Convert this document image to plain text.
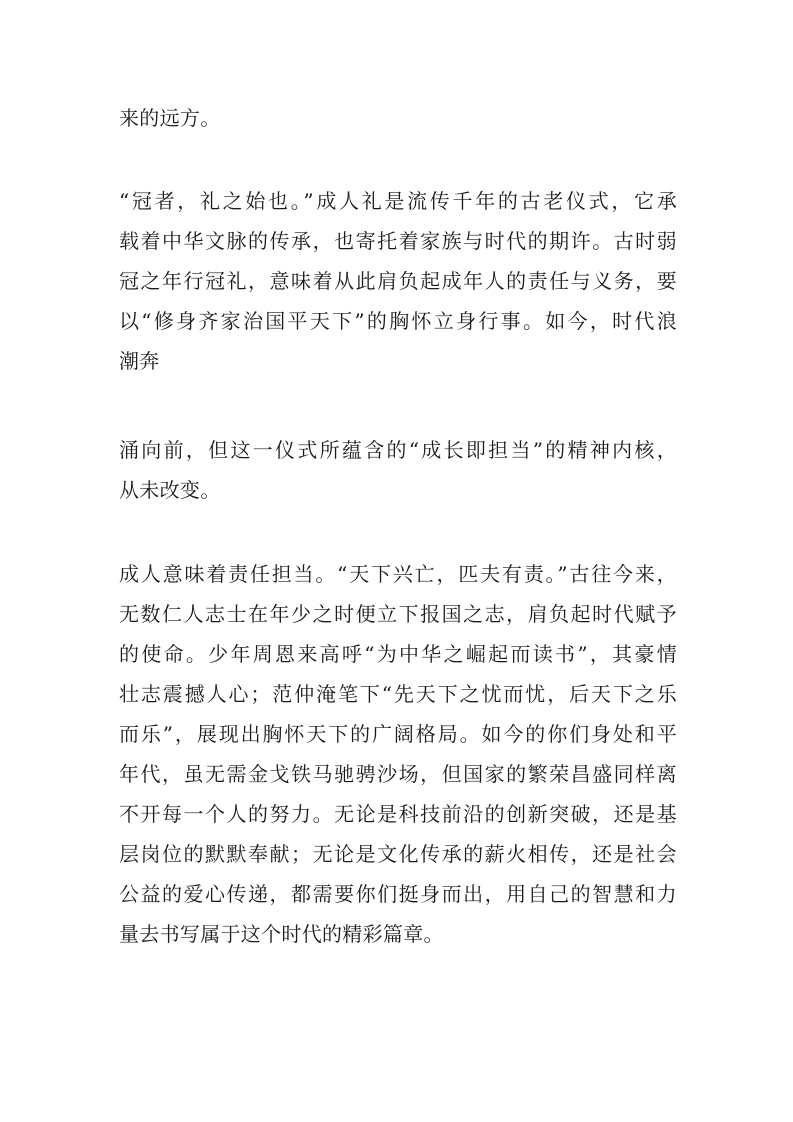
来的远方。
“冠者，礼之始也。”成人礼是流传千年的古老仪式，它承
载着中华文脉的传承，也寄托着家族与时代的期许。古时弱
冠之年行冠礼，意味着从此肩负起成年人的责任与义务，要
以“修身齐家治国平天下”的胸怀立身行事。如今，时代浪
潮奔
涌向前，但这一仪式所蕴含的“成长即担当”的精神内核，
从未改变。
成人意味着责任担当。“天下兴亡，匹夫有责。”古往今来，
无数仁人志士在年少之时便立下报国之志，肩负起时代赋予
的使命。少年周恩来高呼“为中华之崛起而读书”，其豪情
壮志震撼人心；范仲淹笔下“先天下之忧而忧，后天下之乐
而乐”，展现出胸怀天下的广阔格局。如今的你们身处和平
年代，虽无需金戈铁马驰骋沙场，但国家的繁荣昌盛同样离
不开每一个人的努力。无论是科技前沿的创新突破，还是基
层岗位的默默奉献；无论是文化传承的薪火相传，还是社会
公益的爱心传递，都需要你们挺身而出，用自己的智慧和力
量去书写属于这个时代的精彩篇章。
